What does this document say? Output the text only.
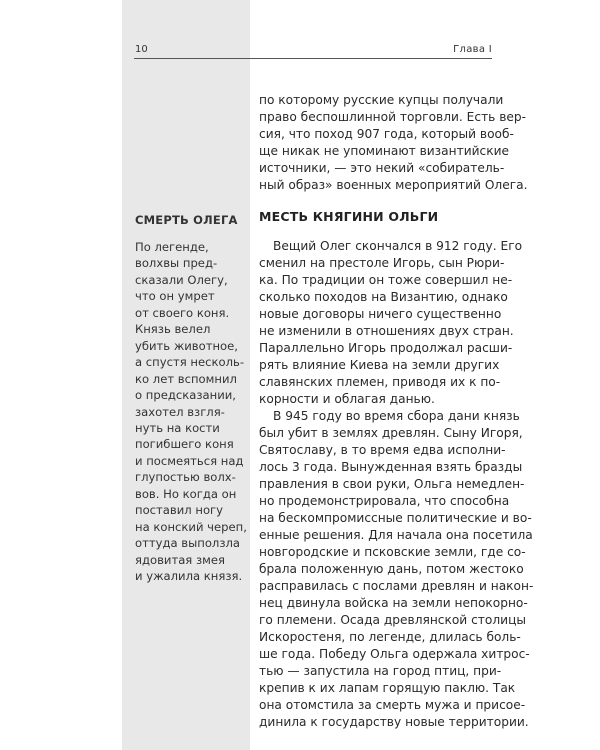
10	Глава I
СМЕРТЬ ОЛЕГА
По легенде,
волхвы пред-
сказали Олегу,
что он умрет
от своего коня.
Князь велел
убить животное,
а спустя несколь-
ко лет вспомнил
о предсказании,
захотел взгля-
нуть на кости
погибшего коня
и посмеяться над
глупостью волх-
вов. Но когда он
поставил ногу
на конский череп,
оттуда выползла
ядовитая змея
и ужалила князя.
по которому русские купцы получали
право беспошлинной торговли. Есть вер-
сия, что поход 907 года, который вооб-
ще никак не упоминают византийские
источники, — это некий «собиратель-
ный образ» военных мероприятий Олега.
МЕСТЬ КНЯГИНИ ОЛЬГИ
Вещий Олег скончался в 912 году. Его
сменил на престоле Игорь, сын Рюри-
ка. По традиции он тоже совершил не-
сколько походов на Византию, однако
новые договоры ничего существенно
не изменили в отношениях двух стран.
Параллельно Игорь продолжал расши-
рять влияние Киева на земли других
славянских племен, приводя их к по-
корности и облагая данью.
В 945 году во время сбора дани князь
был убит в землях древлян. Сыну Игоря,
Святославу, в то время едва исполни-
лось 3 года. Вынужденная взять бразды
правления в свои руки, Ольга немедлен-
но продемонстрировала, что способна
на бескомпромиссные политические и во-
енные решения. Для начала она посетила
новгородские и псковские земли, где со-
брала положенную дань, потом жестоко
расправилась с послами древлян и након-
нец двинула войска на земли непокорно-
го племени. Осада древлянской столицы
Искоростеня, по легенде, длилась боль-
ше года. Победу Ольга одержала хитрос-
тью — запустила на город птиц, при-
крепив к их лапам горящую паклю. Так
она отомстила за смерть мужа и присое-
динила к государству новые территории.
